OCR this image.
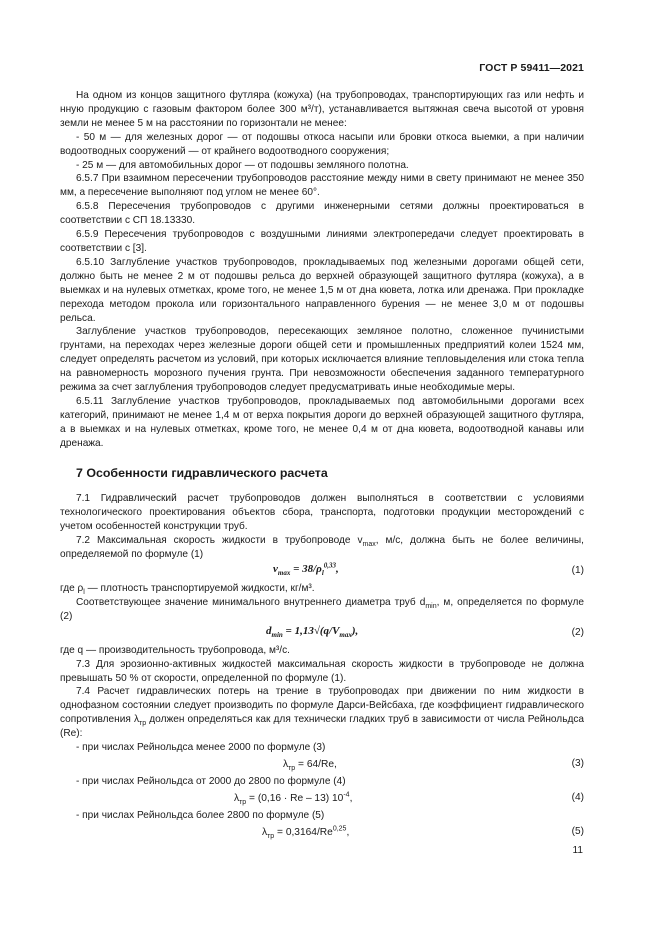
ГОСТ Р 59411—2021

На одном из концов защитного футляра (кожуха) (на трубопроводах, транспортирующих газ или нефть и нную продукцию с газовым фактором более 300 м³/т), устанавливается вытяжная свеча высотой от уровня земли не менее 5 м на расстоянии по горизонтали не менее:

- 50 м — для железных дорог — от подошвы откоса насыпи или бровки откоса выемки, а при наличии водоотводных сооружений — от крайнего водоотводного сооружения;

- 25 м — для автомобильных дорог — от подошвы земляного полотна.

6.5.7 При взаимном пересечении трубопроводов расстояние между ними в свету принимают не менее 350 мм, а пересечение выполняют под углом не менее 60°.

6.5.8 Пересечения трубопроводов с другими инженерными сетями должны проектироваться в соответствии с СП 18.13330.

6.5.9 Пересечения трубопроводов с воздушными линиями электропередачи следует проектировать в соответствии с [3].

6.5.10 Заглубление участков трубопроводов, прокладываемых под железными дорогами общей сети, должно быть не менее 2 м от подошвы рельса до верхней образующей защитного футляра (кожуха), а в выемках и на нулевых отметках, кроме того, не менее 1,5 м от дна кювета, лотка или дренажа. При прокладке перехода методом прокола или горизонтального направленного бурения — не менее 3,0 м от подошвы рельса.

Заглубление участков трубопроводов, пересекающих земляное полотно, сложенное пучинистыми грунтами, на переходах через железные дороги общей сети и промышленных предприятий колеи 1524 мм, следует определять расчетом из условий, при которых исключается влияние тепловыделения или стока тепла на равномерность морозного пучения грунта. При невозможности обеспечения заданного температурного режима за счет заглубления трубопроводов следует предусматривать иные необходимые меры.

6.5.11 Заглубление участков трубопроводов, прокладываемых под автомобильными дорогами всех категорий, принимают не менее 1,4 м от верха покрытия дороги до верхней образующей защитного футляра, а в выемках и на нулевых отметках, кроме того, не менее 0,4 м от дна кювета, водоотводной канавы или дренажа.

7 Особенности гидравлического расчета

7.1 Гидравлический расчет трубопроводов должен выполняться в соответствии с условиями технологического проектирования объектов сбора, транспорта, подготовки продукции месторождений с учетом особенностей конструкции труб.

7.2 Максимальная скорость жидкости в трубопроводе $v_{max}$, м/с, должна быть не более величины, определяемой по формуле (1)

$v_{max} = 38/\rho_l^{0,33}$,	(1)

где $\rho_l$ — плотность транспортируемой жидкости, кг/м³.

Соответствующее значение минимального внутреннего диаметра труб $d_{min}$, м, определяется по формуле (2)

$d_{min} = 1,13√(q/V_{max})$,	(2)

где q — производительность трубопровода, м³/c.

7.3 Для эрозионно-активных жидкостей максимальная скорость жидкости в трубопроводе не должна превышать 50 % от скорости, определенной по формуле (1).

7.4 Расчет гидравлических потерь на трение в трубопроводах при движении по ним жидкости в однофазном состоянии следует производить по формуле Дарси-Вейсбаха, где коэффициент гидравлического сопротивления $\lambda_{тр}$ должен определяться как для технически гладких труб в зависимости от числа Рейнольдса (Re):

- при числах Рейнольдса менее 2000 по формуле (3)

$\lambda_{тр} = 64/Re$,	(3)

- при числах Рейнольдса от 2000 до 2800 по формуле (4)

$\lambda_{тр} = (0,16 \cdot Re - 13)$ $10^{-4}$,	(4)

- при числах Рейнольдса более 2800 по формуле (5)

$\lambda_{тр} = 0,3164/Re^{0,25}$,	(5)
11
